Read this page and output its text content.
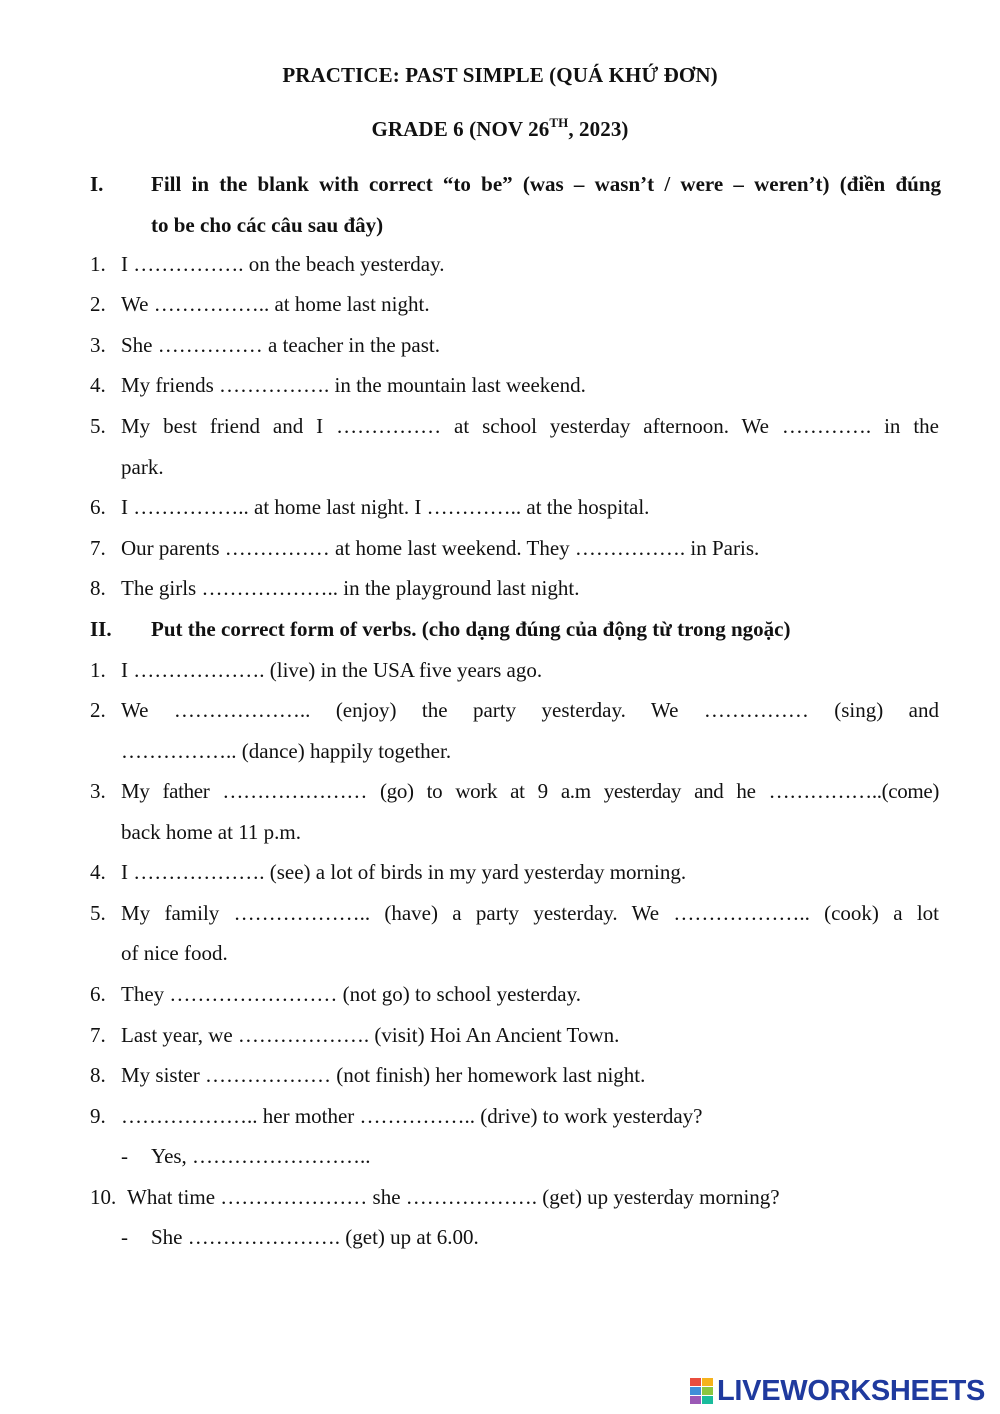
PRACTICE: PAST SIMPLE (QUÁ KHỨ ĐƠN)
GRADE 6 (NOV 26TH, 2023)
I. Fill in the blank with correct “to be” (was – wasn’t / were – weren’t) (điền đúng
to be cho các câu sau đây)
1. I ……………. on the beach yesterday.
2. We …………….. at home last night.
3. She …………… a teacher in the past.
4. My friends ……………. in the mountain last weekend.
5. My best friend and I …………… at school yesterday afternoon. We …………. in the
park.
6. I …………….. at home last night. I ………….. at the hospital.
7. Our parents …………… at home last weekend. They ……………. in Paris.
8. The girls ……………….. in the playground last night.
II. Put the correct form of verbs. (cho dạng đúng của động từ trong ngoặc)
1. I ………………. (live) in the USA five years ago.
2. We ……………….. (enjoy) the party yesterday. We …………… (sing) and
…………….. (dance) happily together.
3. My father ………………… (go) to work at 9 a.m yesterday and he ……………..(come)
back home at 11 p.m.
4. I ………………. (see) a lot of birds in my yard yesterday morning.
5. My family ……………….. (have) a party yesterday. We ……………….. (cook) a lot
of nice food.
6. They …………………… (not go) to school yesterday.
7. Last year, we ………………. (visit) Hoi An Ancient Town.
8. My sister ……………… (not finish) her homework last night.
9. ……………….. her mother …………….. (drive) to work yesterday?
- Yes, ……………………..
10. What time ………………… she ………………. (get) up yesterday morning?
- She …………………. (get) up at 6.00.
LIVEWORKSHEETS
